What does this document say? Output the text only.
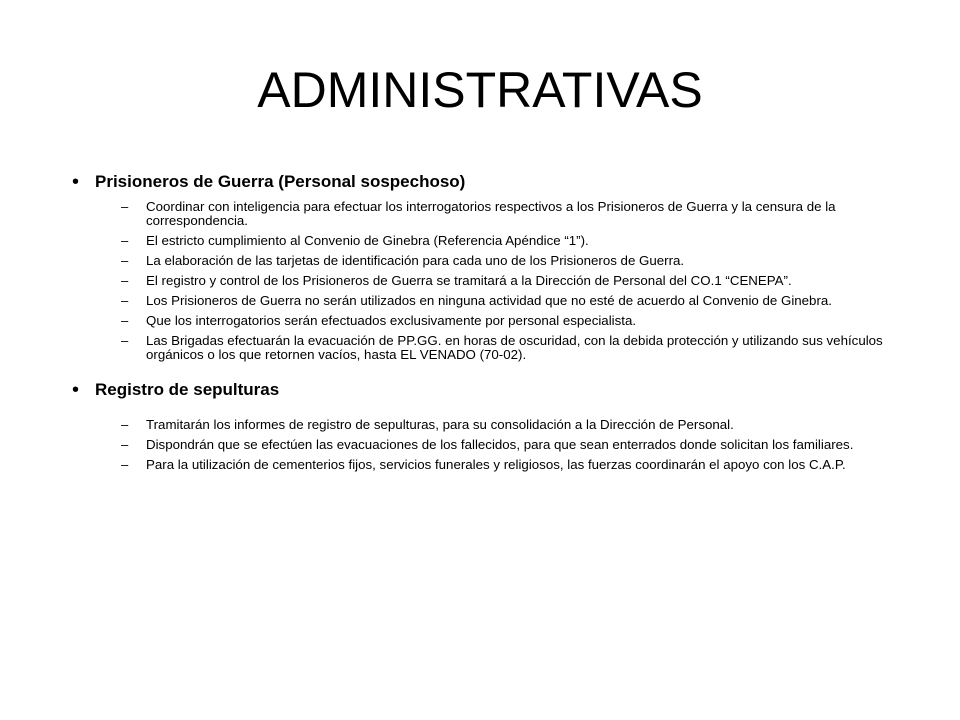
ADMINISTRATIVAS
• Prisioneros de Guerra (Personal sospechoso)
–	Coordinar con inteligencia para efectuar los interrogatorios respectivos a los Prisioneros de Guerra y la censura de la correspondencia.
–	El estricto cumplimiento al Convenio de Ginebra (Referencia Apéndice “1”).
–	La elaboración de las tarjetas de identificación para cada uno de los Prisioneros de Guerra.
–	El registro y control de los Prisioneros de Guerra se tramitará a la Dirección de Personal del CO.1 “CENEPA”.
–	Los Prisioneros de Guerra no serán utilizados en ninguna actividad que no esté de acuerdo al Convenio de Ginebra.
–	Que los interrogatorios serán efectuados exclusivamente por personal especialista.
–	Las Brigadas efectuarán la evacuación de PP.GG. en horas de oscuridad, con la debida protección y utilizando sus vehículos orgánicos o los que retornen vacíos, hasta EL VENADO (70-02).
• Registro de sepulturas
–	Tramitarán los informes de registro de sepulturas, para su consolidación a la Dirección de Personal.
–	Dispondrán que se efectúen las evacuaciones de los fallecidos, para que sean enterrados donde solicitan los familiares.
–	Para la utilización de cementerios fijos, servicios funerales y religiosos, las fuerzas coordinarán el apoyo con los C.A.P.
